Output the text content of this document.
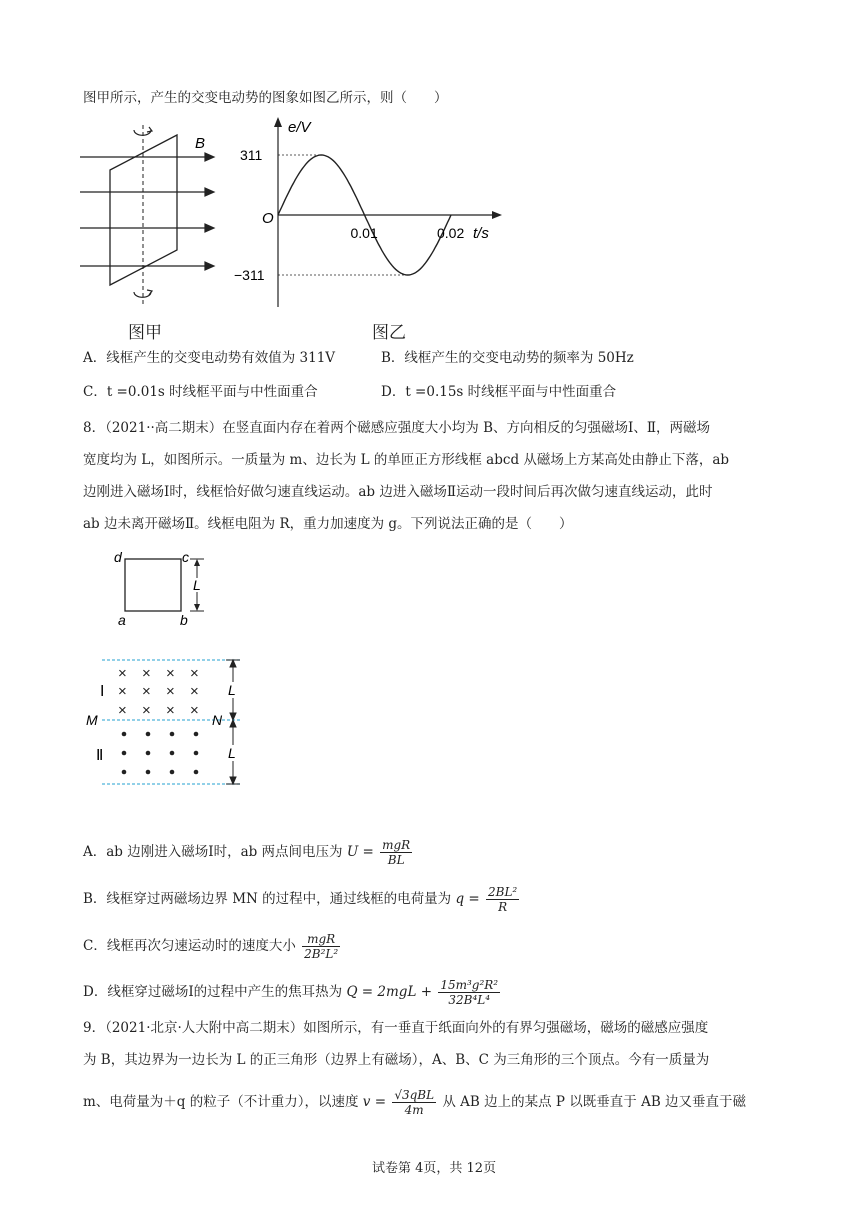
图甲所示，产生的交变电动势的图象如图乙所示，则（　　）
B
e/V
t/s
O
311
−311
0.01	0.02
图甲	图乙
A．线框产生的交变电动势有效值为 311V	B．线框产生的交变电动势的频率为 50Hz
C．t =0.01s 时线框平面与中性面重合	D．t =0.15s 时线框平面与中性面重合
8．（2021··高二期末）在竖直面内存在着两个磁感应强度大小均为 B、方向相反的匀强磁场Ⅰ、Ⅱ，两磁场
宽度均为 L，如图所示。一质量为 m、边长为 L 的单匝正方形线框 abcd 从磁场上方某高处由静止下落，ab
边刚进入磁场Ⅰ时，线框恰好做匀速直线运动。ab 边进入磁场Ⅱ运动一段时间后再次做匀速直线运动，此时
ab 边未离开磁场Ⅱ。线框电阻为 R，重力加速度为 g。下列说法正确的是（　　）
d	c
a	b
L
× × × ×
× × × ×
× × × ×
Ⅰ
Ⅱ
M	N
L
L
A．ab 边刚进入磁场Ⅰ时，ab 两点间电压为 $U = \frac{\text{mgR}}{BL}$
B．线框穿过两磁场边界 MN 的过程中，通过线框的电荷量为 $q = \frac{\text{2BL²}}{R}$
C．线框再次匀速运动时的速度大小 $\frac{\text{mgR}}{\text{2B²L²}}$
D．线框穿过磁场Ⅰ的过程中产生的焦耳热为 $Q = 2mgL + \frac{\text{15m³g²R²}}{\text{32B⁴L⁴}}$
9．（2021·北京·人大附中高二期末）如图所示，有一垂直于纸面向外的有界匀强磁场，磁场的磁感应强度
为 B，其边界为一边长为 L 的正三角形（边界上有磁场），A、B、C 为三角形的三个顶点。今有一质量为
m、电荷量为＋q 的粒子（不计重力），以速度 $v = \frac{\text{√3qBL}}{4m}$ 从 AB 边上的某点 P 以既垂直于 AB 边又垂直于磁
试卷第 4页，共 12页
